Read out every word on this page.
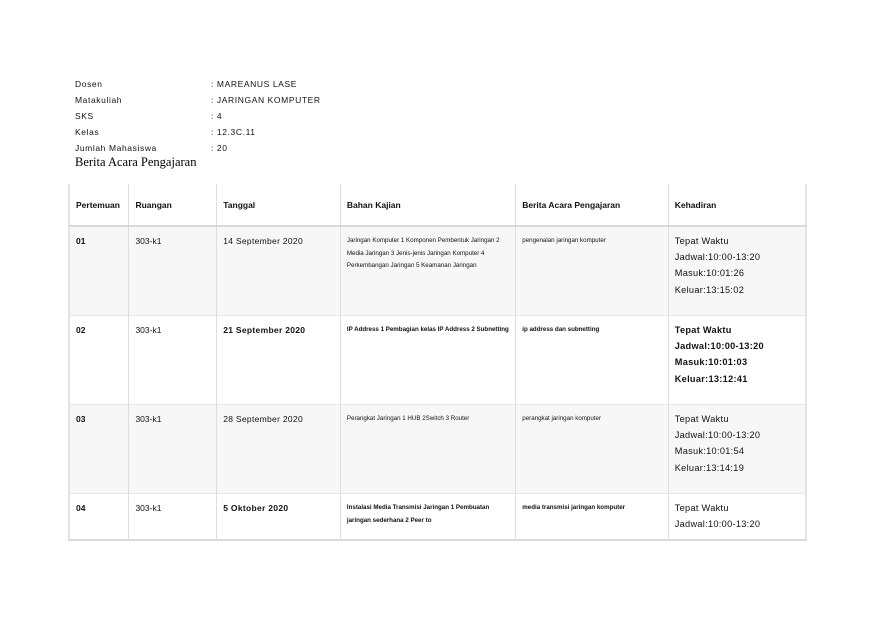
Dosen	: MAREANUS LASE
Matakuliah	: JARINGAN KOMPUTER
SKS	: 4
Kelas	: 12.3C.11
Jumlah Mahasiswa	: 20
Berita Acara Pengajaran
Pertemuan	Ruangan	Tanggal	Bahan Kajian	Berita Acara Pengajaran	Kehadiran
01	303-k1	14 September 2020	Jaringan Komputer 1 Komponen Pembentuk Jaringan 2 Media Jaringan 3 Jenis-jenis Jaringan Komputer 4 Perkembangan Jaringan 5 Keamanan Jaringan	pengenalan jaringan komputer	Tepat Waktu
Jadwal:10:00-13:20
Masuk:10:01:26
Keluar:13:15:02

02	303-k1	21 September 2020	IP Address 1 Pembagian kelas IP Address 2 Subnetting	ip address dan subnetting	Tepat Waktu
Jadwal:10:00-13:20
Masuk:10:01:03
Keluar:13:12:41

03	303-k1	28 September 2020	Perangkat Jaringan 1 HUB 2Switch 3 Router	perangkat jaringan komputer	Tepat Waktu
Jadwal:10:00-13:20
Masuk:10:01:54
Keluar:13:14:19

04	303-k1	5 Oktober 2020	Instalasi Media Transmisi Jaringan 1 Pembuatan jaringan sederhana 2 Peer to	media transmisi jaringan komputer	Tepat Waktu
Jadwal:10:00-13:20
